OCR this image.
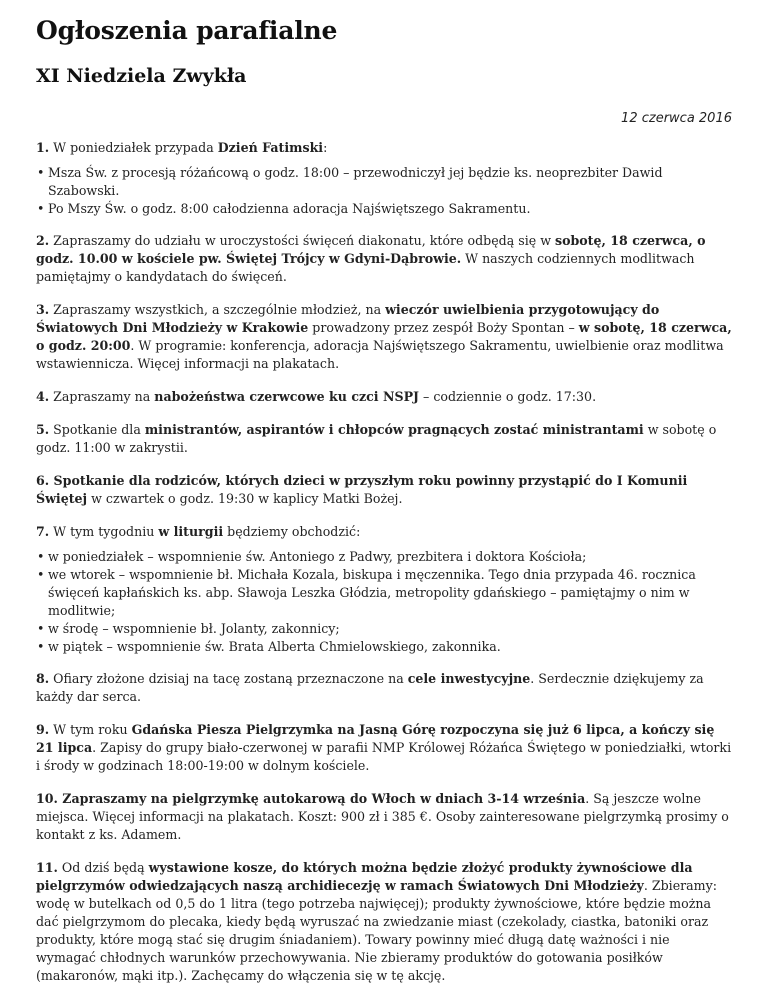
Ogłoszenia parafialne
XI Niedziela Zwykła
12 czerwca 2016

1. W poniedziałek przypada Dzień Fatimski:

• Msza Św. z procesją różańcową o godz. 18:00 – przewodniczył jej będzie ks. neoprezbiter Dawid Szabowski.
• Po Mszy Św. o godz. 8:00 całodzienna adoracja Najświętszego Sakramentu.

2. Zapraszamy do udziału w uroczystości święceń diakonatu, które odbędą się w sobotę, 18 czerwca, o godz. 10.00 w kościele pw. Świętej Trójcy w Gdyni-Dąbrowie. W naszych codziennych modlitwach pamiętajmy o kandydatach do święceń.

3. Zapraszamy wszystkich, a szczególnie młodzież, na wieczór uwielbienia przygotowujący do Światowych Dni Młodzieży w Krakowie prowadzony przez zespół Boży Spontan – w sobotę, 18 czerwca, o godz. 20:00. W programie: konferencja, adoracja Najświętszego Sakramentu, uwielbienie oraz modlitwa wstawiennicza. Więcej informacji na plakatach.

4. Zapraszamy na nabożeństwa czerwcowe ku czci NSPJ – codziennie o godz. 17:30.

5. Spotkanie dla ministrantów, aspirantów i chłopców pragnących zostać ministrantami w sobotę o godz. 11:00 w zakrystii.

6. Spotkanie dla rodziców, których dzieci w przyszłym roku powinny przystąpić do I Komunii Świętej w czwartek o godz. 19:30 w kaplicy Matki Bożej.

7. W tym tygodniu w liturgii będziemy obchodzić:

• w poniedziałek – wspomnienie św. Antoniego z Padwy, prezbitera i doktora Kościoła;
• we wtorek – wspomnienie bł. Michała Kozala, biskupa i męczennika. Tego dnia przypada 46. rocznica święceń kapłańskich ks. abp. Sławoja Leszka Głódzia, metropolity gdańskiego – pamiętajmy o nim w modlitwie;
• w środę – wspomnienie bł. Jolanty, zakonnicy;
• w piątek – wspomnienie św. Brata Alberta Chmielowskiego, zakonnika.

8. Ofiary złożone dzisiaj na tacę zostaną przeznaczone na cele inwestycyjne. Serdecznie dziękujemy za każdy dar serca.

9. W tym roku Gdańska Piesza Pielgrzymka na Jasną Górę rozpoczyna się już 6 lipca, a kończy się 21 lipca. Zapisy do grupy biało-czerwonej w parafii NMP Królowej Różańca Świętego w poniedziałki, wtorki i środy w godzinach 18:00-19:00 w dolnym kościele.

10. Zapraszamy na pielgrzymkę autokarową do Włoch w dniach 3-14 września. Są jeszcze wolne miejsca. Więcej informacji na plakatach. Koszt: 900 zł i 385 €. Osoby zainteresowane pielgrzymką prosimy o kontakt z ks. Adamem.

11. Od dziś będą wystawione kosze, do których można będzie złożyć produkty żywnościowe dla pielgrzymów odwiedzających naszą archidiecezję w ramach Światowych Dni Młodzieży. Zbieramy: wodę w butelkach od 0,5 do 1 litra (tego potrzeba najwięcej); produkty żywnościowe, które będzie można dać pielgrzymom do plecaka, kiedy będą wyruszać na zwiedzanie miast (czekolady, ciastka, batoniki oraz produkty, które mogą stać się drugim śniadaniem). Towary powinny mieć długą datę ważności i nie wymagać chłodnych warunków przechowywania. Nie zbieramy produktów do gotowania posiłków (makaronów, mąki itp.). Zachęcamy do włączenia się w tę akcję.
